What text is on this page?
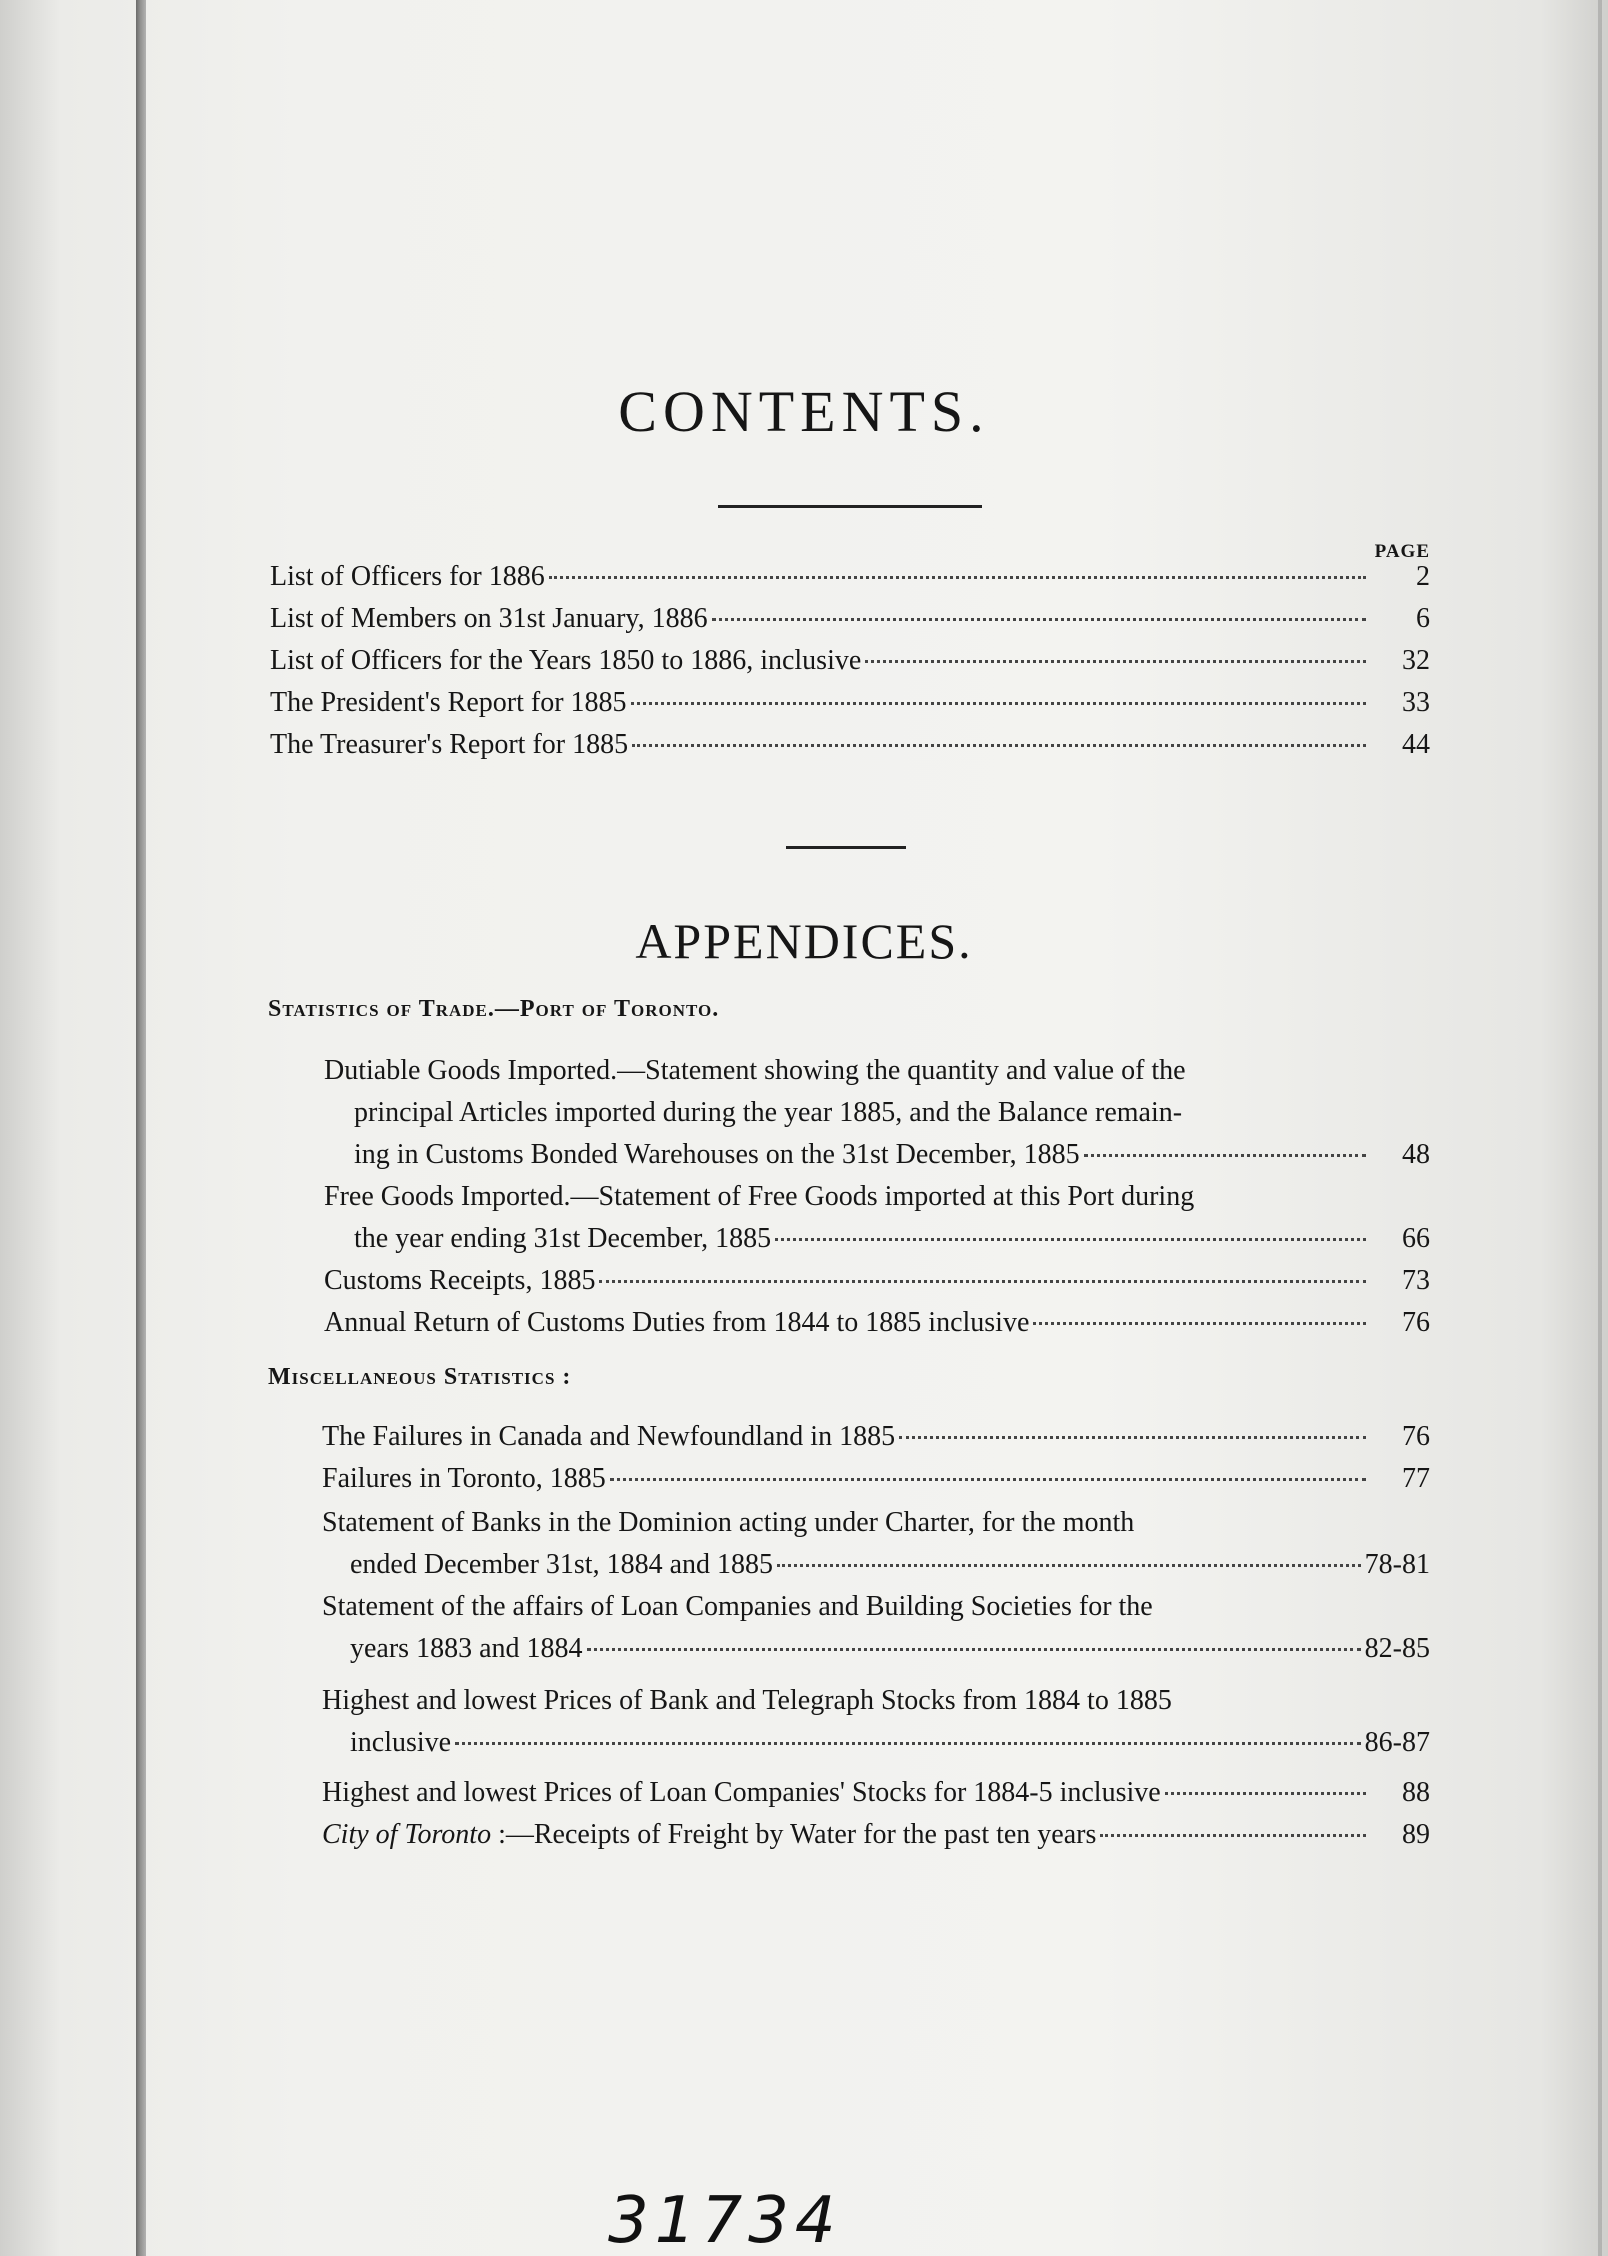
CONTENTS.
PAGE
List of Officers for 1886	2
List of Members on 31st January, 1886	6
List of Officers for the Years 1850 to 1886, inclusive	32
The President's Report for 1885	33
The Treasurer's Report for 1885	44
APPENDICES.
Statistics of Trade.—Port of Toronto.
Dutiable Goods Imported.—Statement showing the quantity and value of the
principal Articles imported during the year 1885, and the Balance remain-
ing in Customs Bonded Warehouses on the 31st December, 1885	48
Free Goods Imported.—Statement of Free Goods imported at this Port during
the year ending 31st December, 1885	66
Customs Receipts, 1885	73
Annual Return of Customs Duties from 1844 to 1885 inclusive	76
Miscellaneous Statistics :
The Failures in Canada and Newfoundland in 1885	76
Failures in Toronto, 1885	77
Statement of Banks in the Dominion acting under Charter, for the month
ended December 31st, 1884 and 1885	78-81
Statement of the affairs of Loan Companies and Building Societies for the
years 1883 and 1884	82-85
Highest and lowest Prices of Bank and Telegraph Stocks from 1884 to 1885
inclusive	86-87
Highest and lowest Prices of Loan Companies' Stocks for 1884-5 inclusive	88
City of Toronto :—Receipts of Freight by Water for the past ten years	89
31734
